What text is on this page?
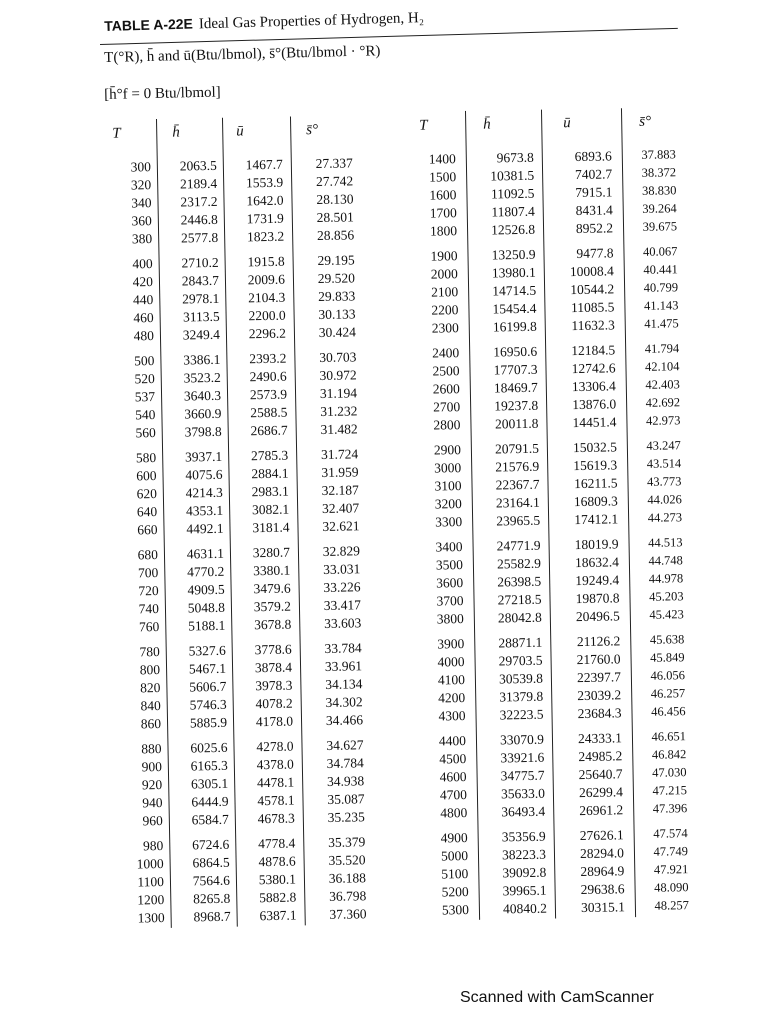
TABLE A-22E Ideal Gas Properties of Hydrogen, H₂
T(°R), h̄ and ū(Btu/lbmol), s̄°(Btu/lbmol · °R)
[h̄°f = 0 Btu/lbmol]
T	h̄	ū	s̄°
300	2063.5	1467.7	27.337
320	2189.4	1553.9	27.742
340	2317.2	1642.0	28.130
360	2446.8	1731.9	28.501
380	2577.8	1823.2	28.856
400	2710.2	1915.8	29.195
420	2843.7	2009.6	29.520
440	2978.1	2104.3	29.833
460	3113.5	2200.0	30.133
480	3249.4	2296.2	30.424
500	3386.1	2393.2	30.703
520	3523.2	2490.6	30.972
537	3640.3	2573.9	31.194
540	3660.9	2588.5	31.232
560	3798.8	2686.7	31.482
580	3937.1	2785.3	31.724
600	4075.6	2884.1	31.959
620	4214.3	2983.1	32.187
640	4353.1	3082.1	32.407
660	4492.1	3181.4	32.621
680	4631.1	3280.7	32.829
700	4770.2	3380.1	33.031
720	4909.5	3479.6	33.226
740	5048.8	3579.2	33.417
760	5188.1	3678.8	33.603
780	5327.6	3778.6	33.784
800	5467.1	3878.4	33.961
820	5606.7	3978.3	34.134
840	5746.3	4078.2	34.302
860	5885.9	4178.0	34.466
880	6025.6	4278.0	34.627
900	6165.3	4378.0	34.784
920	6305.1	4478.1	34.938
940	6444.9	4578.1	35.087
960	6584.7	4678.3	35.235
980	6724.6	4778.4	35.379
1000	6864.5	4878.6	35.520
1100	7564.6	5380.1	36.188
1200	8265.8	5882.8	36.798
1300	8968.7	6387.1	37.360
T	h̄	ū	s̄°
1400	9673.8	6893.6	37.883
1500	10381.5	7402.7	38.372
1600	11092.5	7915.1	38.830
1700	11807.4	8431.4	39.264
1800	12526.8	8952.2	39.675
1900	13250.9	9477.8	40.067
2000	13980.1	10008.4	40.441
2100	14714.5	10544.2	40.799
2200	15454.4	11085.5	41.143
2300	16199.8	11632.3	41.475
2400	16950.6	12184.5	41.794
2500	17707.3	12742.6	42.104
2600	18469.7	13306.4	42.403
2700	19237.8	13876.0	42.692
2800	20011.8	14451.4	42.973
2900	20791.5	15032.5	43.247
3000	21576.9	15619.3	43.514
3100	22367.7	16211.5	43.773
3200	23164.1	16809.3	44.026
3300	23965.5	17412.1	44.273
3400	24771.9	18019.9	44.513
3500	25582.9	18632.4	44.748
3600	26398.5	19249.4	44.978
3700	27218.5	19870.8	45.203
3800	28042.8	20496.5	45.423
3900	28871.1	21126.2	45.638
4000	29703.5	21760.0	45.849
4100	30539.8	22397.7	46.056
4200	31379.8	23039.2	46.257
4300	32223.5	23684.3	46.456
4400	33070.9	24333.1	46.651
4500	33921.6	24985.2	46.842
4600	34775.7	25640.7	47.030
4700	35633.0	26299.4	47.215
4800	36493.4	26961.2	47.396
4900	35356.9	27626.1	47.574
5000	38223.3	28294.0	47.749
5100	39092.8	28964.9	47.921
5200	39965.1	29638.6	48.090
5300	40840.2	30315.1	48.257
Scanned with CamScanner
